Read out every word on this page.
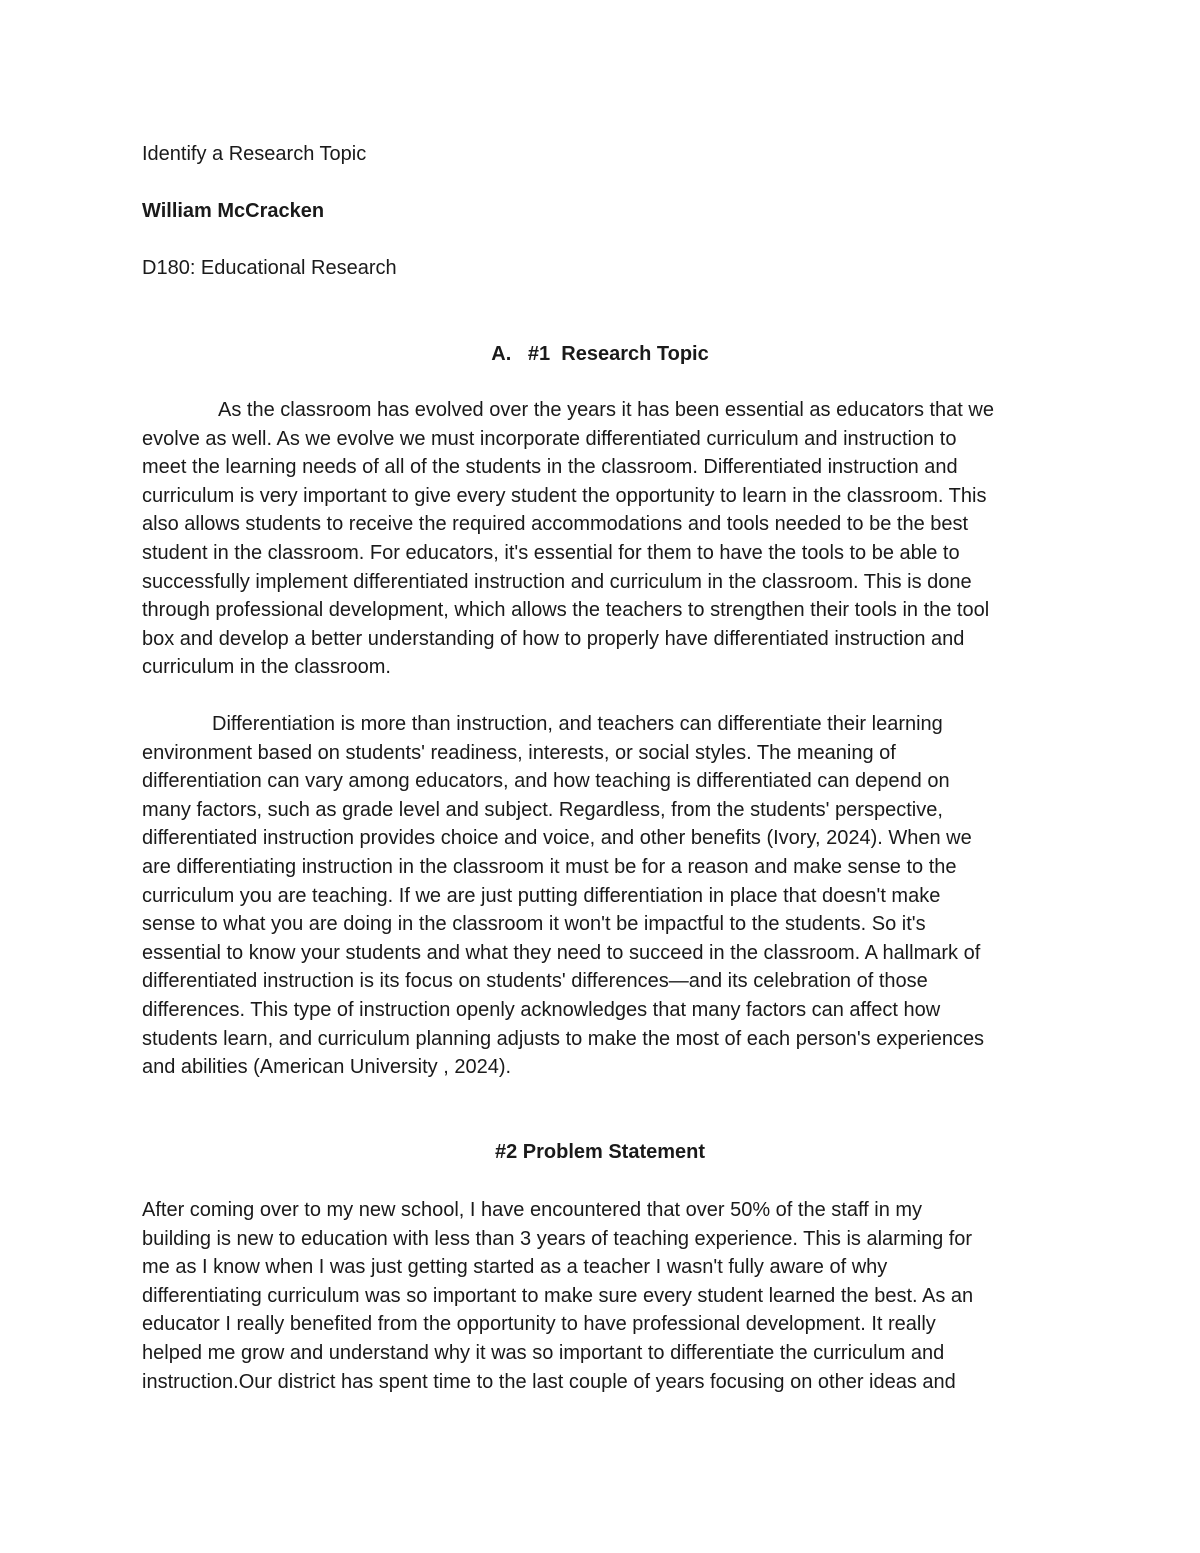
Identify a Research Topic
William McCracken
D180: Educational Research
A.   #1  Research Topic
As the classroom has evolved over the years it has been essential as educators that we
evolve as well. As we evolve we must incorporate differentiated curriculum and instruction to
meet the learning needs of all of the students in the classroom. Differentiated instruction and
curriculum is very important to give every student the opportunity to learn in the classroom. This
also allows students to receive the required accommodations and tools needed to be the best
student in the classroom. For educators, it's essential for them to have the tools to be able to
successfully implement differentiated instruction and curriculum in the classroom. This is done
through professional development, which allows the teachers to strengthen their tools in the tool
box and develop a better understanding of how to properly have differentiated instruction and
curriculum in the classroom.
Differentiation is more than instruction, and teachers can differentiate their learning
environment based on students' readiness, interests, or social styles. The meaning of
differentiation can vary among educators, and how teaching is differentiated can depend on
many factors, such as grade level and subject. Regardless, from the students' perspective,
differentiated instruction provides choice and voice, and other benefits (Ivory, 2024). When we
are differentiating instruction in the classroom it must be for a reason and make sense to the
curriculum you are teaching. If we are just putting differentiation in place that doesn't make
sense to what you are doing in the classroom it won't be impactful to the students. So it's
essential to know your students and what they need to succeed in the classroom. A hallmark of
differentiated instruction is its focus on students' differences—and its celebration of those
differences. This type of instruction openly acknowledges that many factors can affect how
students learn, and curriculum planning adjusts to make the most of each person's experiences
and abilities (American University , 2024).
#2 Problem Statement
After coming over to my new school, I have encountered that over 50% of the staff in my
building is new to education with less than 3 years of teaching experience. This is alarming for
me as I know when I was just getting started as a teacher I wasn't fully aware of why
differentiating curriculum was so important to make sure every student learned the best. As an
educator I really benefited from the opportunity to have professional development. It really
helped me grow and understand why it was so important to differentiate the curriculum and
instruction.Our district has spent time to the last couple of years focusing on other ideas and
